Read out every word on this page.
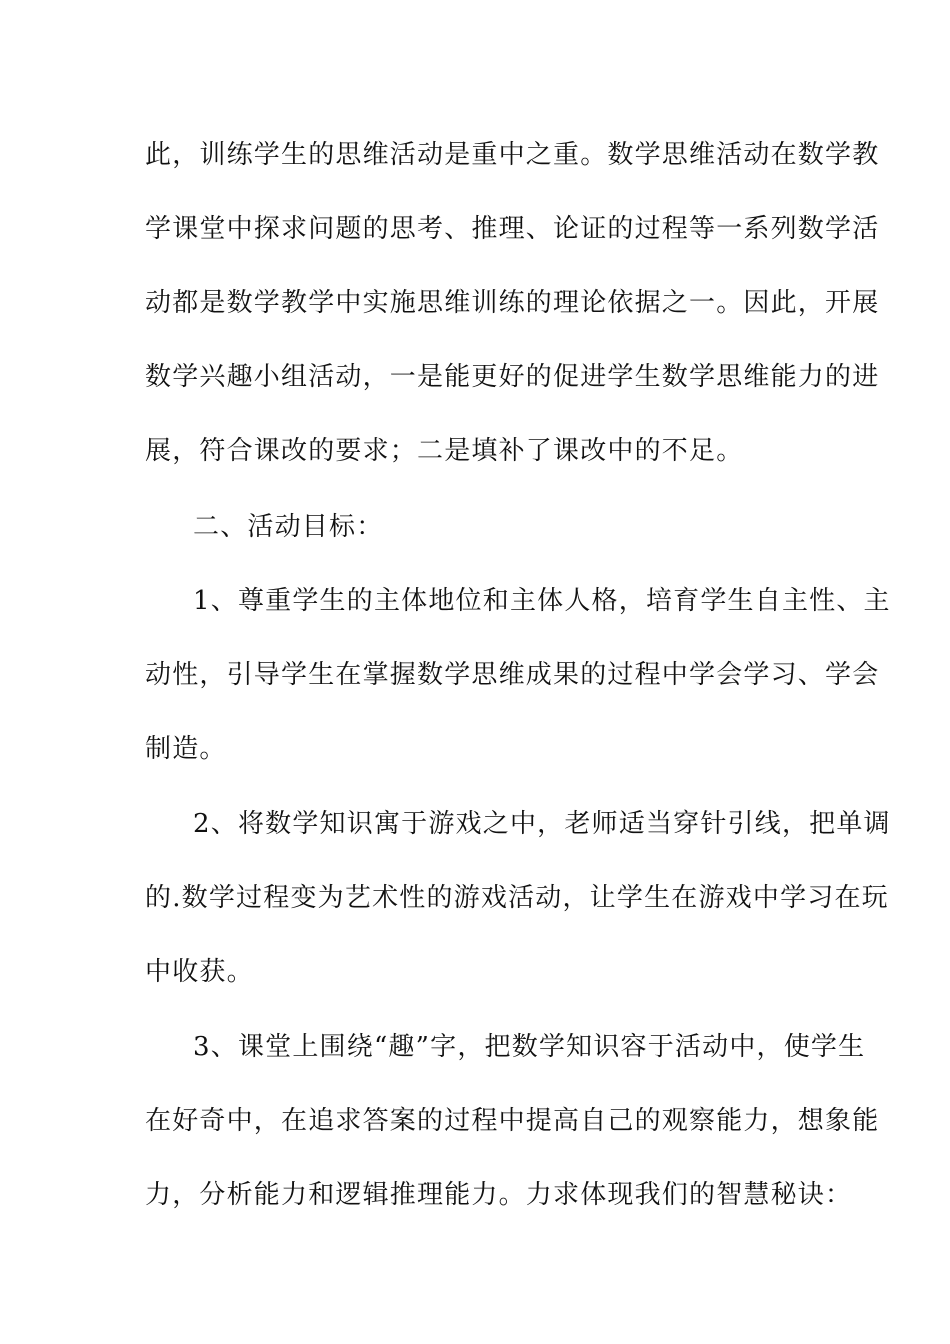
此，训练学生的思维活动是重中之重。数学思维活动在数学教
学课堂中探求问题的思考、推理、论证的过程等一系列数学活
动都是数学教学中实施思维训练的理论依据之一。因此，开展
数学兴趣小组活动，一是能更好的促进学生数学思维能力的进
展，符合课改的要求；二是填补了课改中的不足。
二、活动目标：
1、尊重学生的主体地位和主体人格，培育学生自主性、主
动性，引导学生在掌握数学思维成果的过程中学会学习、学会
制造。
2、将数学知识寓于游戏之中，老师适当穿针引线，把单调
的.数学过程变为艺术性的游戏活动，让学生在游戏中学习在玩
中收获。
3、课堂上围绕“趣”字，把数学知识容于活动中，使学生
在好奇中，在追求答案的过程中提高自己的观察能力，想象能
力，分析能力和逻辑推理能力。力求体现我们的智慧秘诀：
